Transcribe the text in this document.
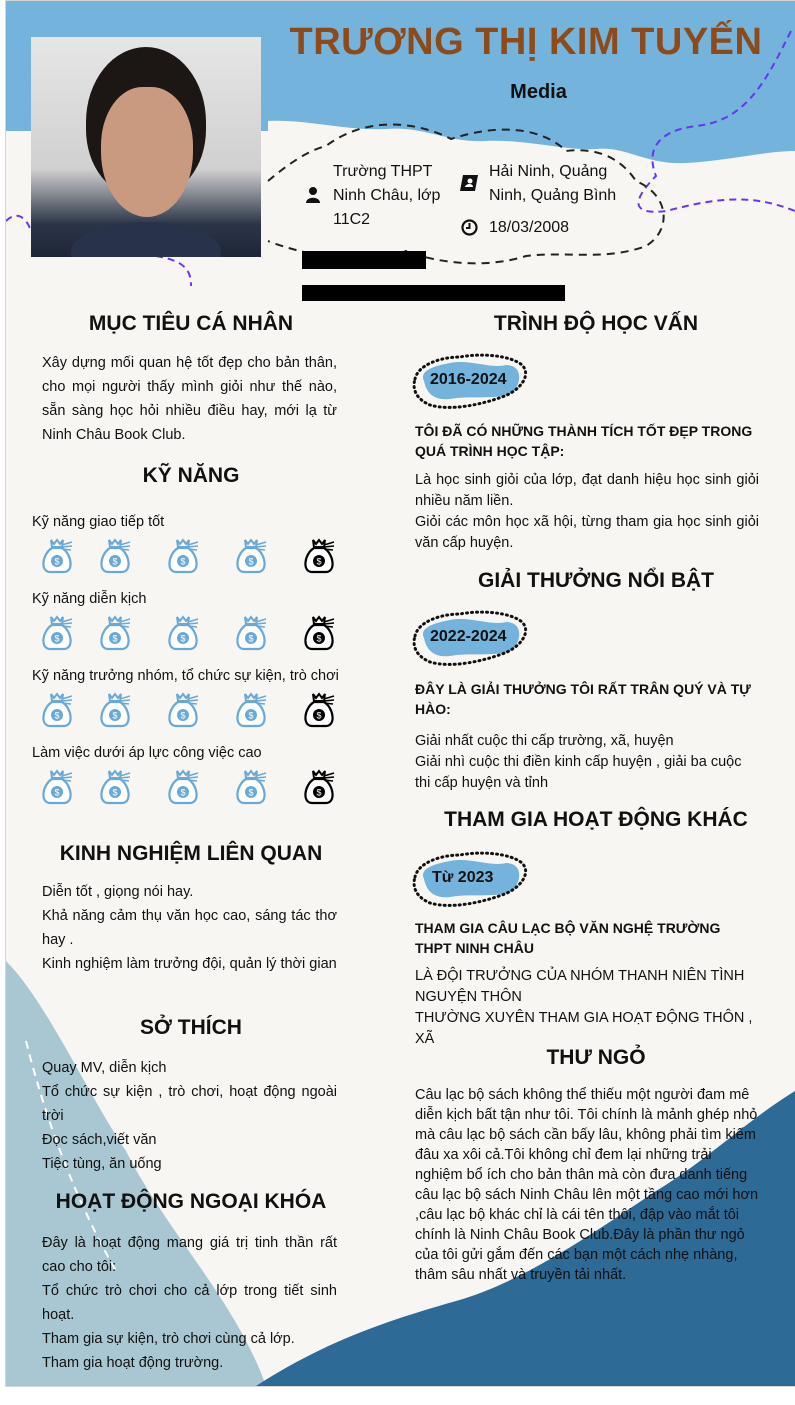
TRƯƠNG THỊ KIM TUYẾN
Media
Trường THPT Ninh Châu, lớp 11C2
Hải Ninh, Quảng Ninh, Quảng Bình
18/03/2008
MỤC TIÊU CÁ NHÂN
Xây dựng mối quan hệ tốt đẹp cho bản thân, cho mọi người thấy mình giỏi như thế nào, sẵn sàng học hỏi nhiều điều hay, mới lạ từ Ninh Châu Book Club.
KỸ NĂNG
Kỹ năng giao tiếp tốt
$	$	$	$	$
Kỹ năng diễn kịch
$	$	$	$	$
Kỹ năng trưởng nhóm, tổ chức sự kiện, trò chơi
$	$	$	$	$
Làm việc dưới áp lực công việc cao
$	$	$	$	$
KINH NGHIỆM LIÊN QUAN
Diễn tốt , giọng nói hay.
Khả năng cảm thụ văn học cao, sáng tác thơ hay .
Kinh nghiệm làm trưởng đội, quản lý thời gian
SỞ THÍCH
Quay MV, diễn kịch
Tổ chức sự kiện , trò chơi, hoạt động ngoài trời
Đọc sách,viết văn
Tiệc tùng, ăn uống
HOẠT ĐỘNG NGOẠI KHÓA
Đây là hoạt động mang giá trị tinh thần rất cao cho tôi:
Tổ chức trò chơi cho cả lớp trong tiết sinh hoạt.
Tham gia sự kiện, trò chơi cùng cả lớp.
Tham gia hoạt động trường.
TRÌNH ĐỘ HỌC VẤN
2016-2024
TÔI ĐÃ CÓ NHỮNG THÀNH TÍCH TỐT ĐẸP TRONG QUÁ TRÌNH HỌC TẬP:
Là học sinh giỏi của lớp, đạt danh hiệu học sinh giỏi nhiều năm liền.
Giỏi các môn học xã hội, từng tham gia học sinh giỏi văn cấp huyện.
GIẢI THƯỞNG NỔI BẬT
2022-2024
ĐÂY LÀ GIẢI THƯỞNG TÔI RẤT TRÂN QUÝ VÀ TỰ HÀO:
Giải nhất cuộc thi cấp trường, xã, huyện
Giải nhì cuộc thi điền kinh cấp huyện , giải ba cuộc thi cấp huyện và tỉnh
THAM GIA HOẠT ĐỘNG KHÁC
Từ 2023
THAM GIA CÂU LẠC BỘ VĂN NGHỆ TRƯỜNG THPT NINH CHÂU
LÀ ĐỘI TRƯỞNG CỦA NHÓM THANH NIÊN TÌNH NGUYỆN THÔN
THƯỜNG XUYÊN THAM GIA HOẠT ĐỘNG THÔN , XÃ
THƯ NGỎ
Câu lạc bộ sách không thể thiếu một người đam mê diễn kịch bất tận như tôi. Tôi chính là mảnh ghép nhỏ mà câu lạc bộ sách cần bấy lâu, không phải tìm kiếm đâu xa xôi cả.Tôi không chỉ đem lại những trải nghiệm bổ ích cho bản thân mà còn đưa danh tiếng câu lạc bộ sách Ninh Châu lên một tầng cao mới hơn ,câu lạc bộ khác chỉ là cái tên thôi, đập vào mắt tôi chính là Ninh Châu Book Club.Đây là phần thư ngỏ của tôi gửi gắm đến các bạn một cách nhẹ nhàng, thâm sâu nhất và truyền tải nhất.
